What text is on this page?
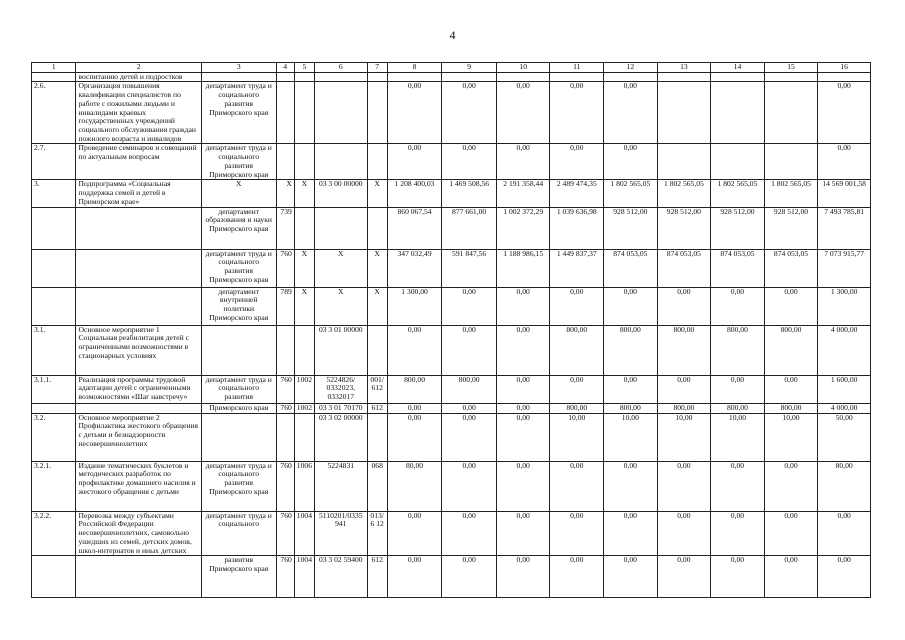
4
1	2	3	4	5	6	7	8	9	10	11	12	13	14	15	16
	воспитанию детей и подростков														
2.6.	Организация повышения квалификации специалистов по работе с пожилыми людьми и инвалидами краевых государственных учреждений социального обслуживания граждан пожилого возраста и инвалидов	департамент труда и социального развития Приморского края					0,00	0,00	0,00	0,00	0,00				0,00
2.7.	Проведение семинаров и совещаний по актуальным вопросам	департамент труда и социального развития Приморского края					0,00	0,00	0,00	0,00	0,00				0,00
3.	Подпрограмма «Социальная поддержка семей и детей в Приморском крае»	X	X	X	03 3 00 00000	X	1 208 400,03	1 469 508,56	2 191 358,44	2 489 474,35	1 802 565,05	1 802 565,05	1 802 565,05	1 802 565,05	14 569 001,58
		департамент образования и науки Приморского края	739				860 067,54	877 661,00	1 002 372,29	1 039 636,98	928 512,00	928 512,00	928 512,00	928 512,00	7 493 785,81
		департамент труда и социального развития Приморского края	760	X	X	X	347 032,49	591 847,56	1 188 986,15	1 449 837,37	874 053,05	874 053,05	874 053,05	874 053,05	7 073 915,77
		департамент внутренней политики Приморского края	789	X	X	X	1 300,00	0,00	0,00	0,00	0,00	0,00	0,00	0,00	1 300,00
3.1.	Основное мероприятие 1 Социальная реабилитация детей с ограниченными возможностями в стационарных условиях				03 3 01 00000		0,00	0,00	0,00	800,00	800,00	800,00	800,00	800,00	4 000,00
3.1.1.	Реализация программы трудовой адаптации детей с ограниченными возможностями «Шаг навстречу»	департамент труда и социального развития	760	1002	5224826/ 0332023, 0332017	001/ 612	800,00	800,00	0,00	0,00	0,00	0,00	0,00	0,00	1 600,00
		Приморского края	760	1002	03 3 01 70170	612	0,00	0,00	0,00	800,00	800,00	800,00	800,00	800,00	4 000,00
3.2.	Основное мероприятие 2 Профилактика жестокого обращения с детьми и безнадзорности несовершеннолетних				03 3 02 00000		0,00	0,00	0,00	10,00	10,00	10,00	10,00	10,00	50,00
3.2.1.	Издание тематических буклетов и методических разработок по профилактике домашнего насилия и жестокого обращения с детьми	департамент труда и социального развития Приморского края	760	1006	5224831	068	80,00	0,00	0,00	0,00	0,00	0,00	0,00	0,00	80,00
3.2.2.	Перевозка между субъектами Российской Федерации несовершеннолетних, самовольно ушедших из семей, детских домов, школ-интернатов и иных детских	департамент труда и социального	760	1004	5110201/0335 941	013/6 12	0,00	0,00	0,00	0,00	0,00	0,00	0,00	0,00	0,00
		развития Приморского края	760	1004	03 3 02 59400	612	0,00	0,00	0,00	0,00	0,00	0,00	0,00	0,00	0,00
